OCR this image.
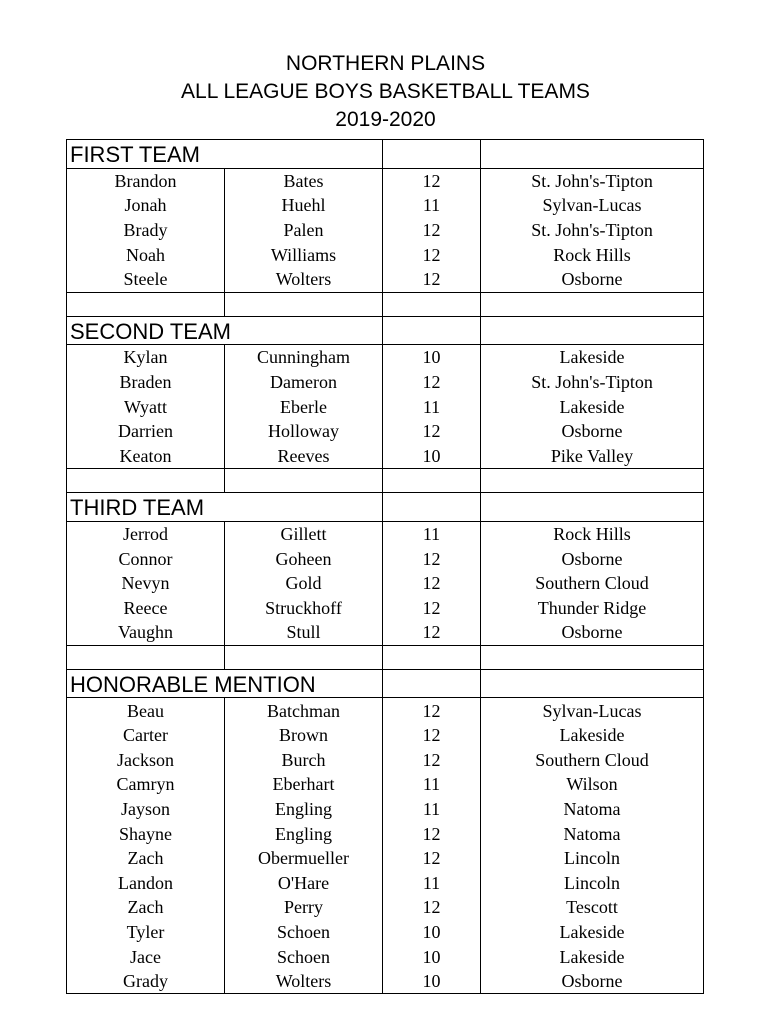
NORTHERN PLAINS
ALL LEAGUE BOYS BASKETBALL TEAMS
2019-2020
FIRST TEAM			
Brandon	Bates	12	St. John's-Tipton
Jonah	Huehl	11	Sylvan-Lucas
Brady	Palen	12	St. John's-Tipton
Noah	Williams	12	Rock Hills
Steele	Wolters	12	Osborne

SECOND TEAM			
Kylan	Cunningham	10	Lakeside
Braden	Dameron	12	St. John's-Tipton
Wyatt	Eberle	11	Lakeside
Darrien	Holloway	12	Osborne
Keaton	Reeves	10	Pike Valley

THIRD TEAM			
Jerrod	Gillett	11	Rock Hills
Connor	Goheen	12	Osborne
Nevyn	Gold	12	Southern Cloud
Reece	Struckhoff	12	Thunder Ridge
Vaughn	Stull	12	Osborne

HONORABLE MENTION			
Beau	Batchman	12	Sylvan-Lucas
Carter	Brown	12	Lakeside
Jackson	Burch	12	Southern Cloud
Camryn	Eberhart	11	Wilson
Jayson	Engling	11	Natoma
Shayne	Engling	12	Natoma
Zach	Obermueller	12	Lincoln
Landon	O'Hare	11	Lincoln
Zach	Perry	12	Tescott
Tyler	Schoen	10	Lakeside
Jace	Schoen	10	Lakeside
Grady	Wolters	10	Osborne
